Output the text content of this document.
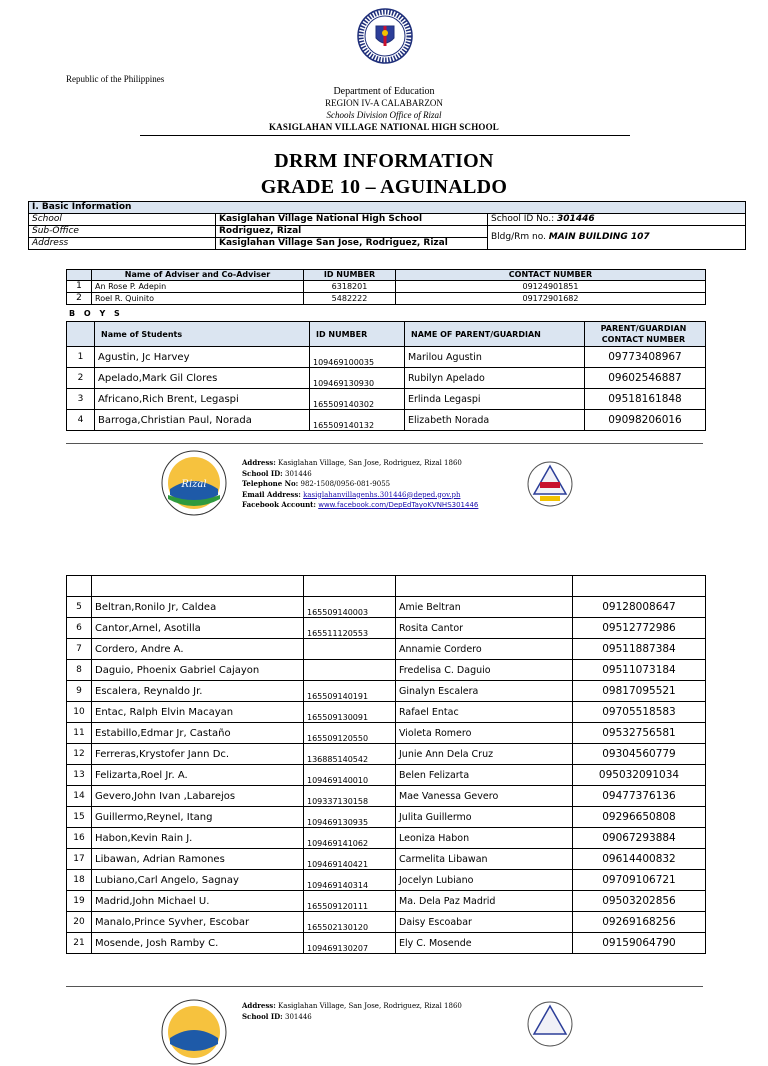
Republic of the Philippines
Department of Education
REGION IV-A CALABARZON
Schools Division Office of Rizal
KASIGLAHAN VILLAGE NATIONAL HIGH SCHOOL
DRRM INFORMATION
GRADE 10 – AGUINALDO
I. Basic Information		
School	Kasiglahan Village National High School	School ID No.: 301446
Sub-Office	Rodriguez, Rizal	Bldg/Rm no. MAIN BUILDING 107
Address	Kasiglahan Village San Jose, Rodriguez, Rizal	
	Name of Adviser and Co-Adviser	ID NUMBER	CONTACT NUMBER
1	An Rose P. Adepin	6318201	09124901851
2	Roel R. Quinito	5482222	09172901682
B O Y S
	Name of Students	ID NUMBER	NAME OF PARENT/GUARDIAN	PARENT/GUARDIAN
CONTACT NUMBER
1	Agustin, Jc Harvey	109469100035	Marilou Agustin	09773408967
2	Apelado,Mark Gil Clores	109469130930	Rubilyn Apelado	09602546887
3	Africano,Rich Brent, Legaspi	165509140302	Erlinda Legaspi	09518161848
4	Barroga,Christian Paul, Norada	165509140132	Elizabeth Norada	09098206016
Rizal
Address: Kasiglahan Village, San Jose, Rodriguez, Rizal 1860
School ID: 301446
Telephone No: 982-1508/0956-081-9055
Email Address: kasiglahanvillagenhs.301446@deped.gov.ph
Facebook Account: www.facebook.com/DepEdTayoKVNHS301446

5	Beltran,Ronilo Jr, Caldea	165509140003	Amie Beltran	09128008647
6	Cantor,Arnel, Asotilla	165511120553	Rosita Cantor	09512772986
7	Cordero, Andre A.		Annamie Cordero	09511887384
8	Daguio, Phoenix Gabriel Cajayon		Fredelisa C. Daguio	09511073184
9	Escalera, Reynaldo Jr.	165509140191	Ginalyn Escalera	09817095521
10	Entac, Ralph Elvin Macayan	165509130091	Rafael Entac	09705518583
11	Estabillo,Edmar Jr, Castaño	165509120550	Violeta Romero	09532756581
12	Ferreras,Krystofer Jann Dc.	136885140542	Junie Ann Dela Cruz	09304560779
13	Felizarta,Roel Jr. A.	109469140010	Belen Felizarta	095032091034
14	Gevero,John Ivan ,Labarejos	109337130158	Mae Vanessa Gevero	09477376136
15	Guillermo,Reynel, Itang	109469130935	Julita Guillermo	09296650808
16	Habon,Kevin Rain J.	109469141062	Leoniza Habon	09067293884
17	Libawan, Adrian Ramones	109469140421	Carmelita Libawan	09614400832
18	Lubiano,Carl Angelo, Sagnay	109469140314	Jocelyn Lubiano	09709106721
19	Madrid,John Michael U.	165509120111	Ma. Dela Paz Madrid	09503202856
20	Manalo,Prince Syvher, Escobar	165502130120	Daisy Escoabar	09269168256
21	Mosende, Josh Ramby C.	109469130207	Ely C. Mosende	09159064790
Address: Kasiglahan Village, San Jose, Rodriguez, Rizal 1860
School ID: 301446
